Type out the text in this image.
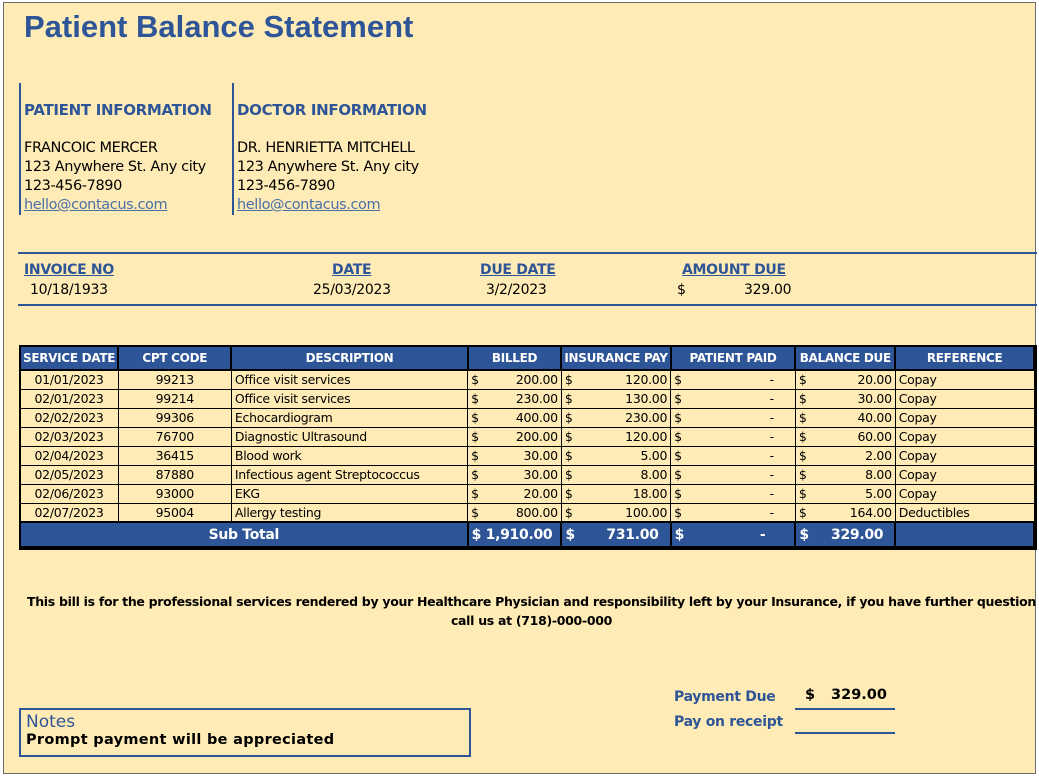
Patient Balance Statement
PATIENT INFORMATION
FRANCOIC MERCER
123 Anywhere St. Any city
123-456-7890
hello@contacus.com
DOCTOR INFORMATION
DR. HENRIETTA MITCHELL
123 Anywhere St. Any city
123-456-7890
hello@contacus.com
INVOICE NO
10/18/1933
DATE
25/03/2023
DUE DATE
3/2/2023
AMOUNT DUE
$	329.00
SERVICE DATE	CPT CODE	DESCRIPTION	BILLED	INSURANCE PAY	PATIENT PAID	BALANCE DUE	REFERENCE
01/01/2023	99213	Office visit services	$ 200.00	$ 120.00	$ -	$ 20.00	Copay
02/01/2023	99214	Office visit services	$ 230.00	$ 130.00	$ -	$ 30.00	Copay
02/02/2023	99306	Echocardiogram	$ 400.00	$ 230.00	$ -	$ 40.00	Copay
02/03/2023	76700	Diagnostic Ultrasound	$ 200.00	$ 120.00	$ -	$ 60.00	Copay
02/04/2023	36415	Blood work	$ 30.00	$ 5.00	$ -	$ 2.00	Copay
02/05/2023	87880	Infectious agent Streptococcus	$ 30.00	$ 8.00	$ -	$ 8.00	Copay
02/06/2023	93000	EKG	$ 20.00	$ 18.00	$ -	$ 5.00	Copay
02/07/2023	95004	Allergy testing	$ 800.00	$ 100.00	$ -	$ 164.00	Deductibles
Sub Total			$ 1,910.00	$ 731.00	$ -	$ 329.00	

This bill is for the professional services rendered by your Healthcare Physician and responsibility left by your Insurance, if you have further question call us at (718)-000-000
Notes
Prompt payment will be appreciated
Payment Due $ 329.00
Pay on receipt
